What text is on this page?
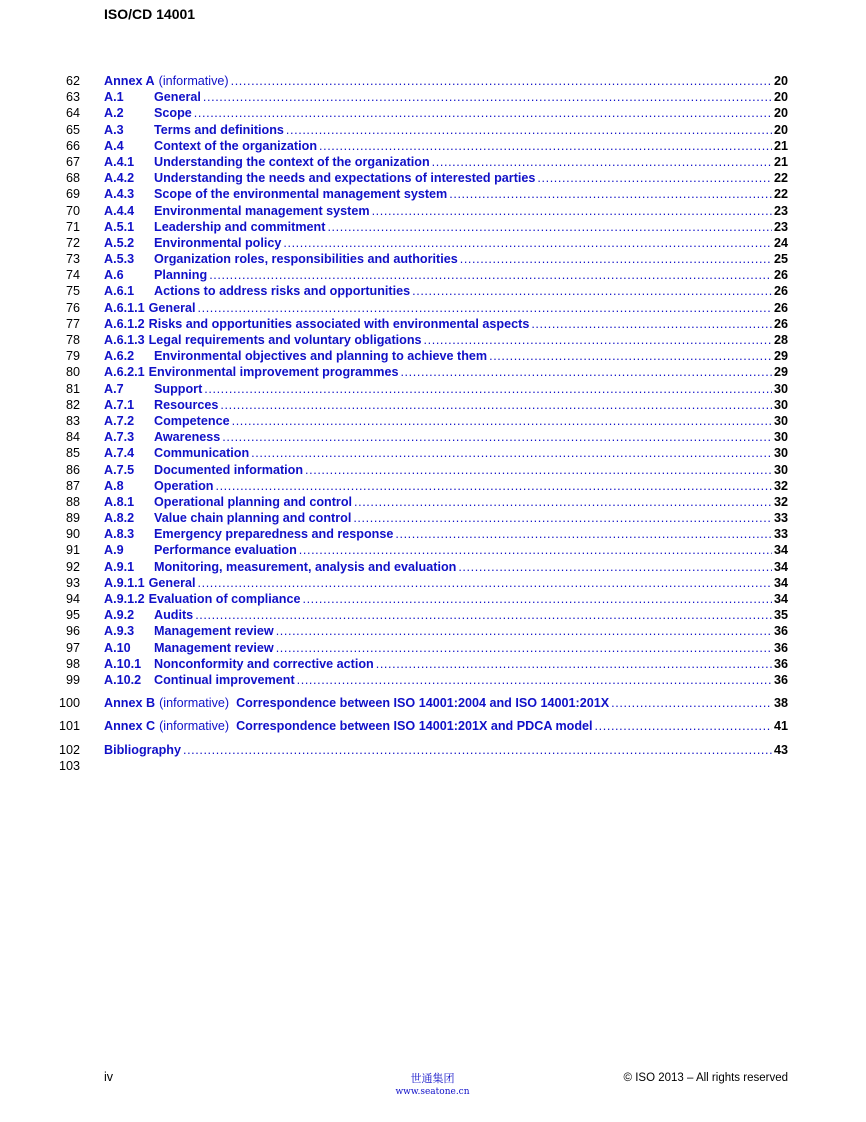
ISO/CD 14001
62 Annex A (informative) .....	20
63 A.1	General .....	20
64 A.2	Scope .....	20
65 A.3	Terms and definitions .....	20
66 A.4	Context of the organization .....	21
67 A.4.1	Understanding the context of the organization .....	21
68 A.4.2	Understanding the needs and expectations of interested parties .....	22
69 A.4.3	Scope of the environmental management system .....	22
70 A.4.4	Environmental management system .....	23
71 A.5.1	Leadership and commitment .....	23
72 A.5.2	Environmental policy .....	24
73 A.5.3	Organization roles, responsibilities and authorities .....	25
74 A.6	Planning .....	26
75 A.6.1	Actions to address risks and opportunities .....	26
76 A.6.1.1 General .....	26
77 A.6.1.2 Risks and opportunities associated with environmental aspects .....	26
78 A.6.1.3 Legal requirements and voluntary obligations .....	28
79 A.6.2	Environmental objectives and planning to achieve them .....	29
80 A.6.2.1 Environmental improvement programmes .....	29
81 A.7	Support .....	30
82 A.7.1	Resources .....	30
83 A.7.2	Competence .....	30
84 A.7.3	Awareness .....	30
85 A.7.4	Communication .....	30
86 A.7.5	Documented information .....	30
87 A.8	Operation .....	32
88 A.8.1	Operational planning and control .....	32
89 A.8.2	Value chain planning and control .....	33
90 A.8.3	Emergency preparedness and response .....	33
91 A.9	Performance evaluation .....	34
92 A.9.1	Monitoring, measurement, analysis and evaluation .....	34
93 A.9.1.1 General .....	34
94 A.9.1.2 Evaluation of compliance .....	34
95 A.9.2	Audits .....	35
96 A.9.3	Management review .....	36
97 A.10	Management review .....	36
98 A.10.1	Nonconformity and corrective action .....	36
99 A.10.2	Continual improvement .....	36
100 Annex B (informative) Correspondence between ISO 14001:2004 and ISO 14001:201X .....	38
101 Annex C (informative) Correspondence between ISO 14001:201X and PDCA model .....	41
102 Bibliography .....	43
103
iv	世通集团
www.seatone.cn
© ISO 2013 – All rights reserved
